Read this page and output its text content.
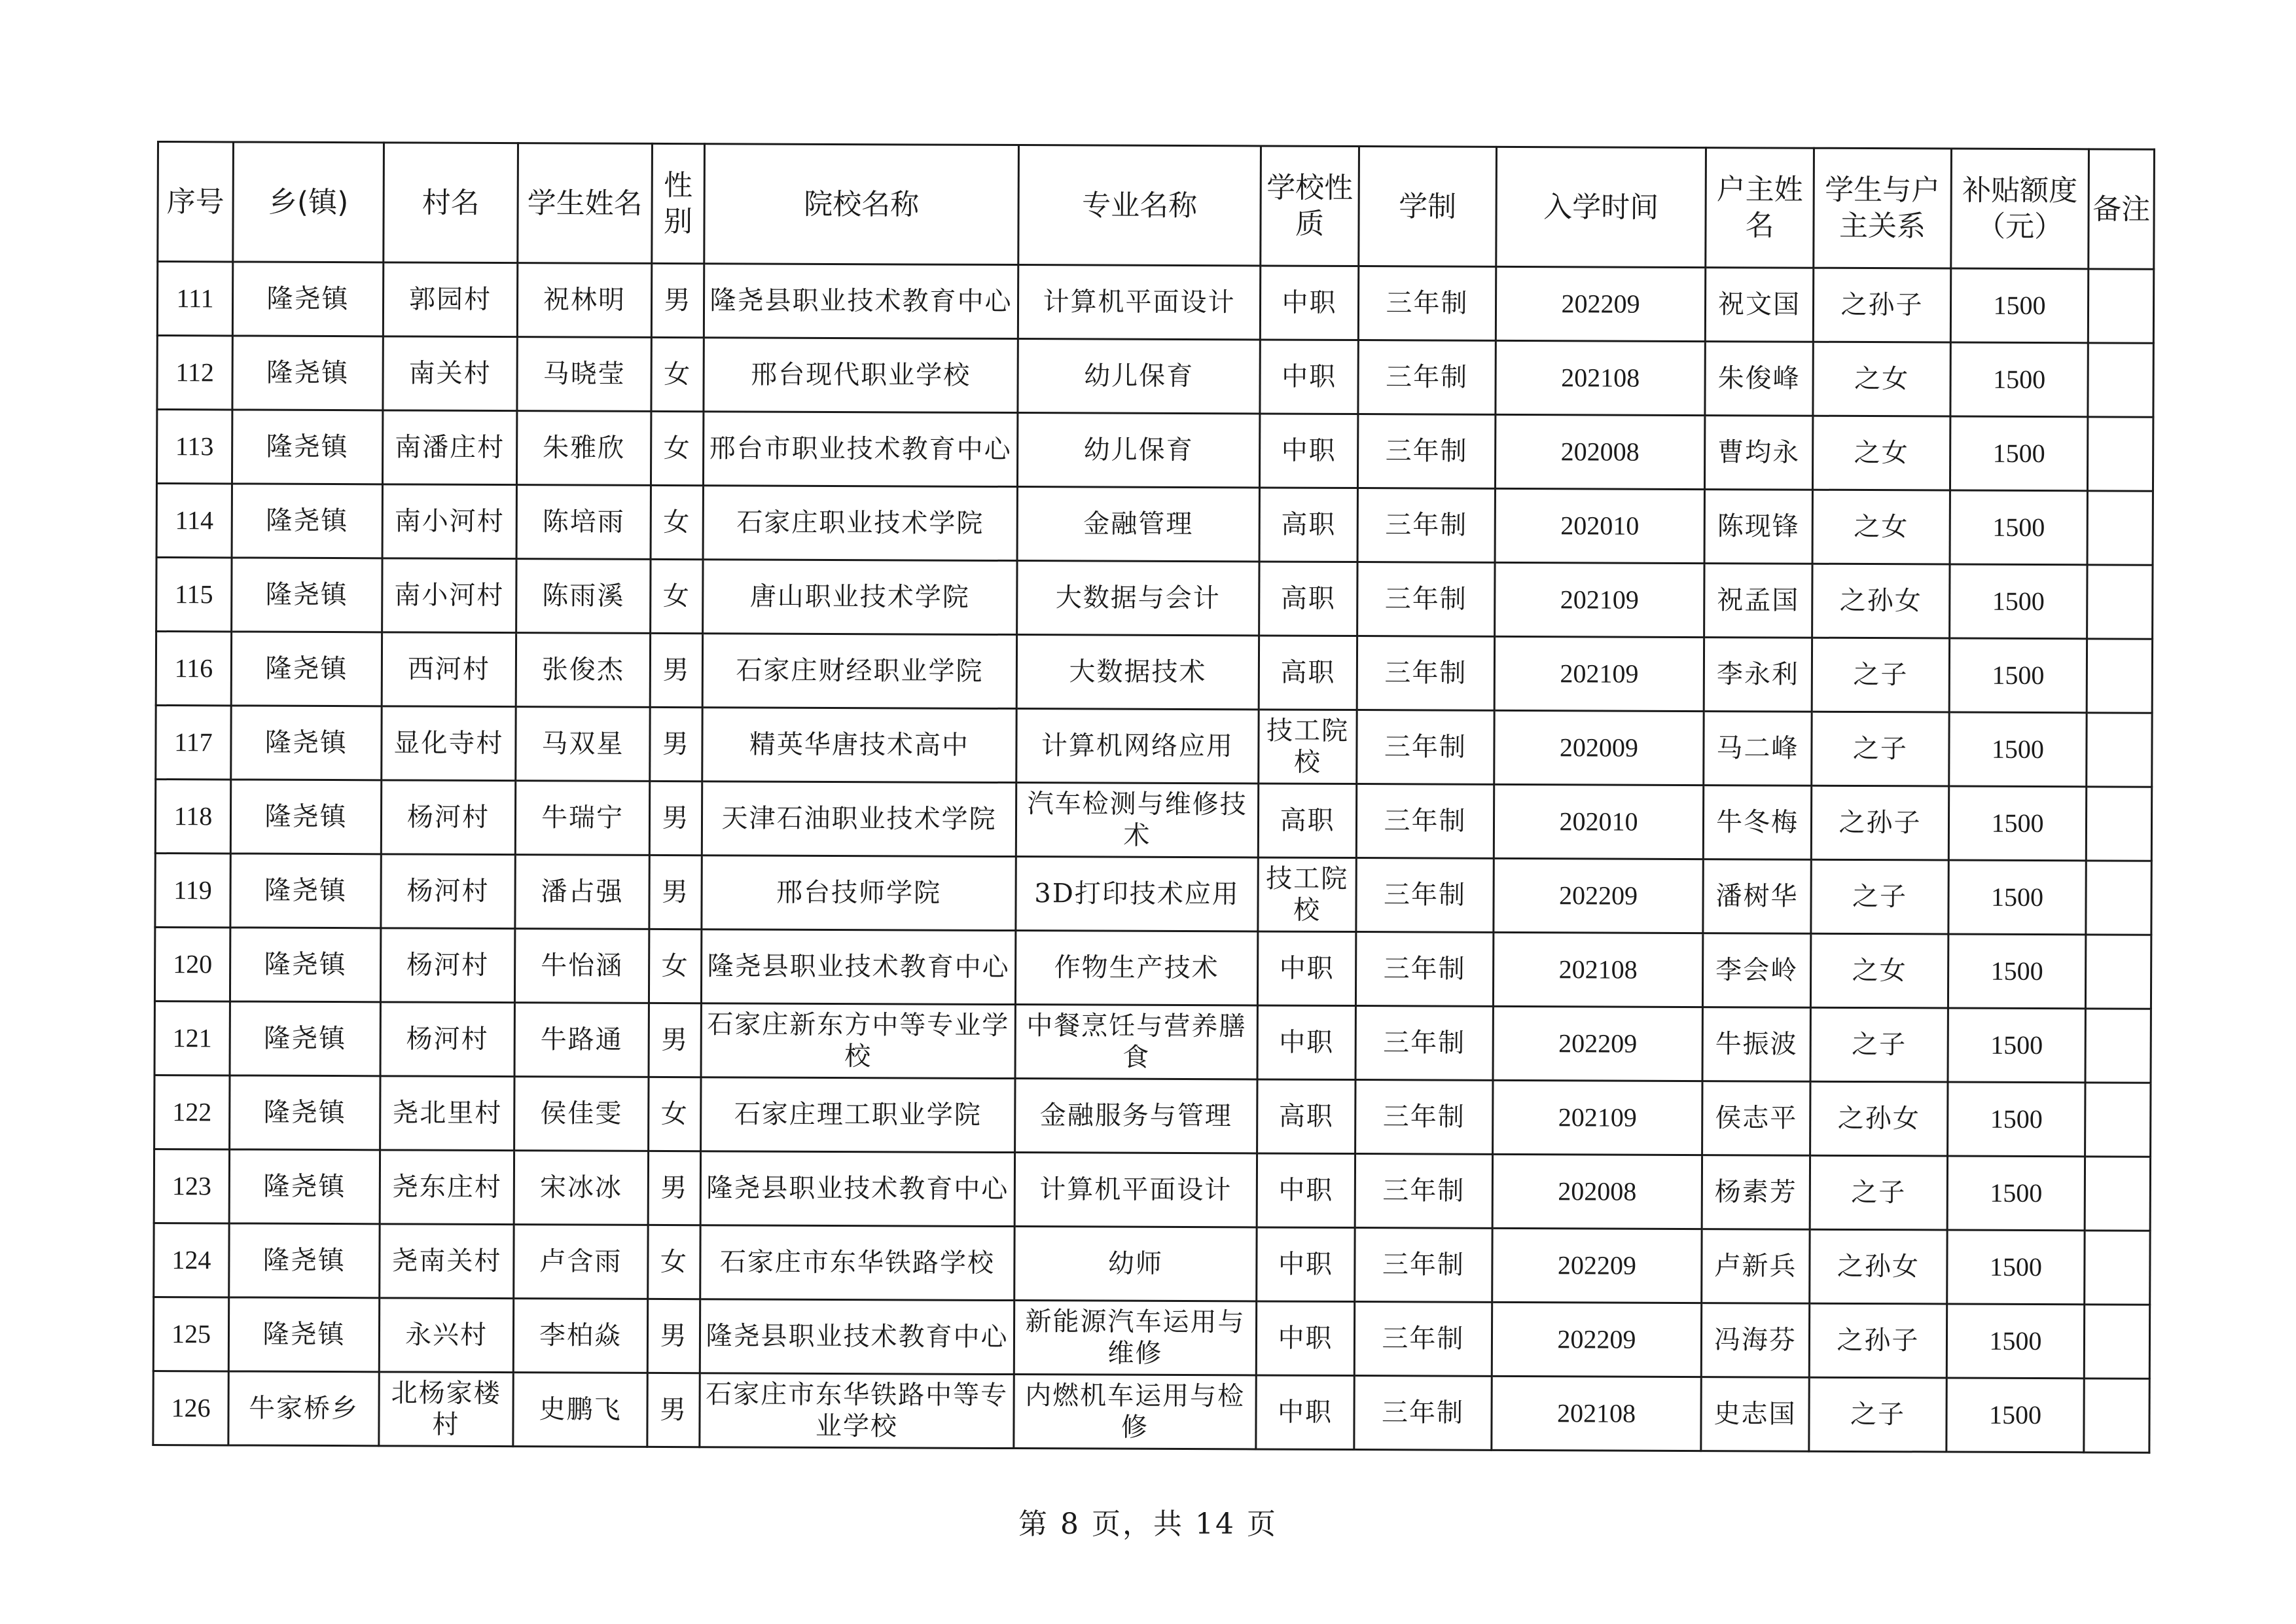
序号	乡(镇)	村名	学生姓名	性别	院校名称	专业名称	学校性质	学制	入学时间	户主姓名	学生与户主关系	补贴额度（元）	备注
111	隆尧镇	郭园村	祝林明	男	隆尧县职业技术教育中心	计算机平面设计	中职	三年制	202209	祝文国	之孙子	1500	
112	隆尧镇	南关村	马晓莹	女	邢台现代职业学校	幼儿保育	中职	三年制	202108	朱俊峰	之女	1500	
113	隆尧镇	南潘庄村	朱雅欣	女	邢台市职业技术教育中心	幼儿保育	中职	三年制	202008	曹均永	之女	1500	
114	隆尧镇	南小河村	陈培雨	女	石家庄职业技术学院	金融管理	高职	三年制	202010	陈现锋	之女	1500	
115	隆尧镇	南小河村	陈雨溪	女	唐山职业技术学院	大数据与会计	高职	三年制	202109	祝孟国	之孙女	1500	
116	隆尧镇	西河村	张俊杰	男	石家庄财经职业学院	大数据技术	高职	三年制	202109	李永利	之子	1500	
117	隆尧镇	显化寺村	马双星	男	精英华唐技术高中	计算机网络应用	技工院校	三年制	202009	马二峰	之子	1500	
118	隆尧镇	杨河村	牛瑞宁	男	天津石油职业技术学院	汽车检测与维修技术	高职	三年制	202010	牛冬梅	之孙子	1500	
119	隆尧镇	杨河村	潘占强	男	邢台技师学院	3D打印技术应用	技工院校	三年制	202209	潘树华	之子	1500	
120	隆尧镇	杨河村	牛怡涵	女	隆尧县职业技术教育中心	作物生产技术	中职	三年制	202108	李会岭	之女	1500	
121	隆尧镇	杨河村	牛路通	男	石家庄新东方中等专业学校	中餐烹饪与营养膳食	中职	三年制	202209	牛振波	之子	1500	
122	隆尧镇	尧北里村	侯佳雯	女	石家庄理工职业学院	金融服务与管理	高职	三年制	202109	侯志平	之孙女	1500	
123	隆尧镇	尧东庄村	宋冰冰	男	隆尧县职业技术教育中心	计算机平面设计	中职	三年制	202008	杨素芳	之子	1500	
124	隆尧镇	尧南关村	卢含雨	女	石家庄市东华铁路学校	幼师	中职	三年制	202209	卢新兵	之孙女	1500	
125	隆尧镇	永兴村	李柏焱	男	隆尧县职业技术教育中心	新能源汽车运用与维修	中职	三年制	202209	冯海芬	之孙子	1500	
126	牛家桥乡	北杨家楼村	史鹏飞	男	石家庄市东华铁路中等专业学校	内燃机车运用与检修	中职	三年制	202108	史志国	之子	1500	
第 8 页，共 14 页
